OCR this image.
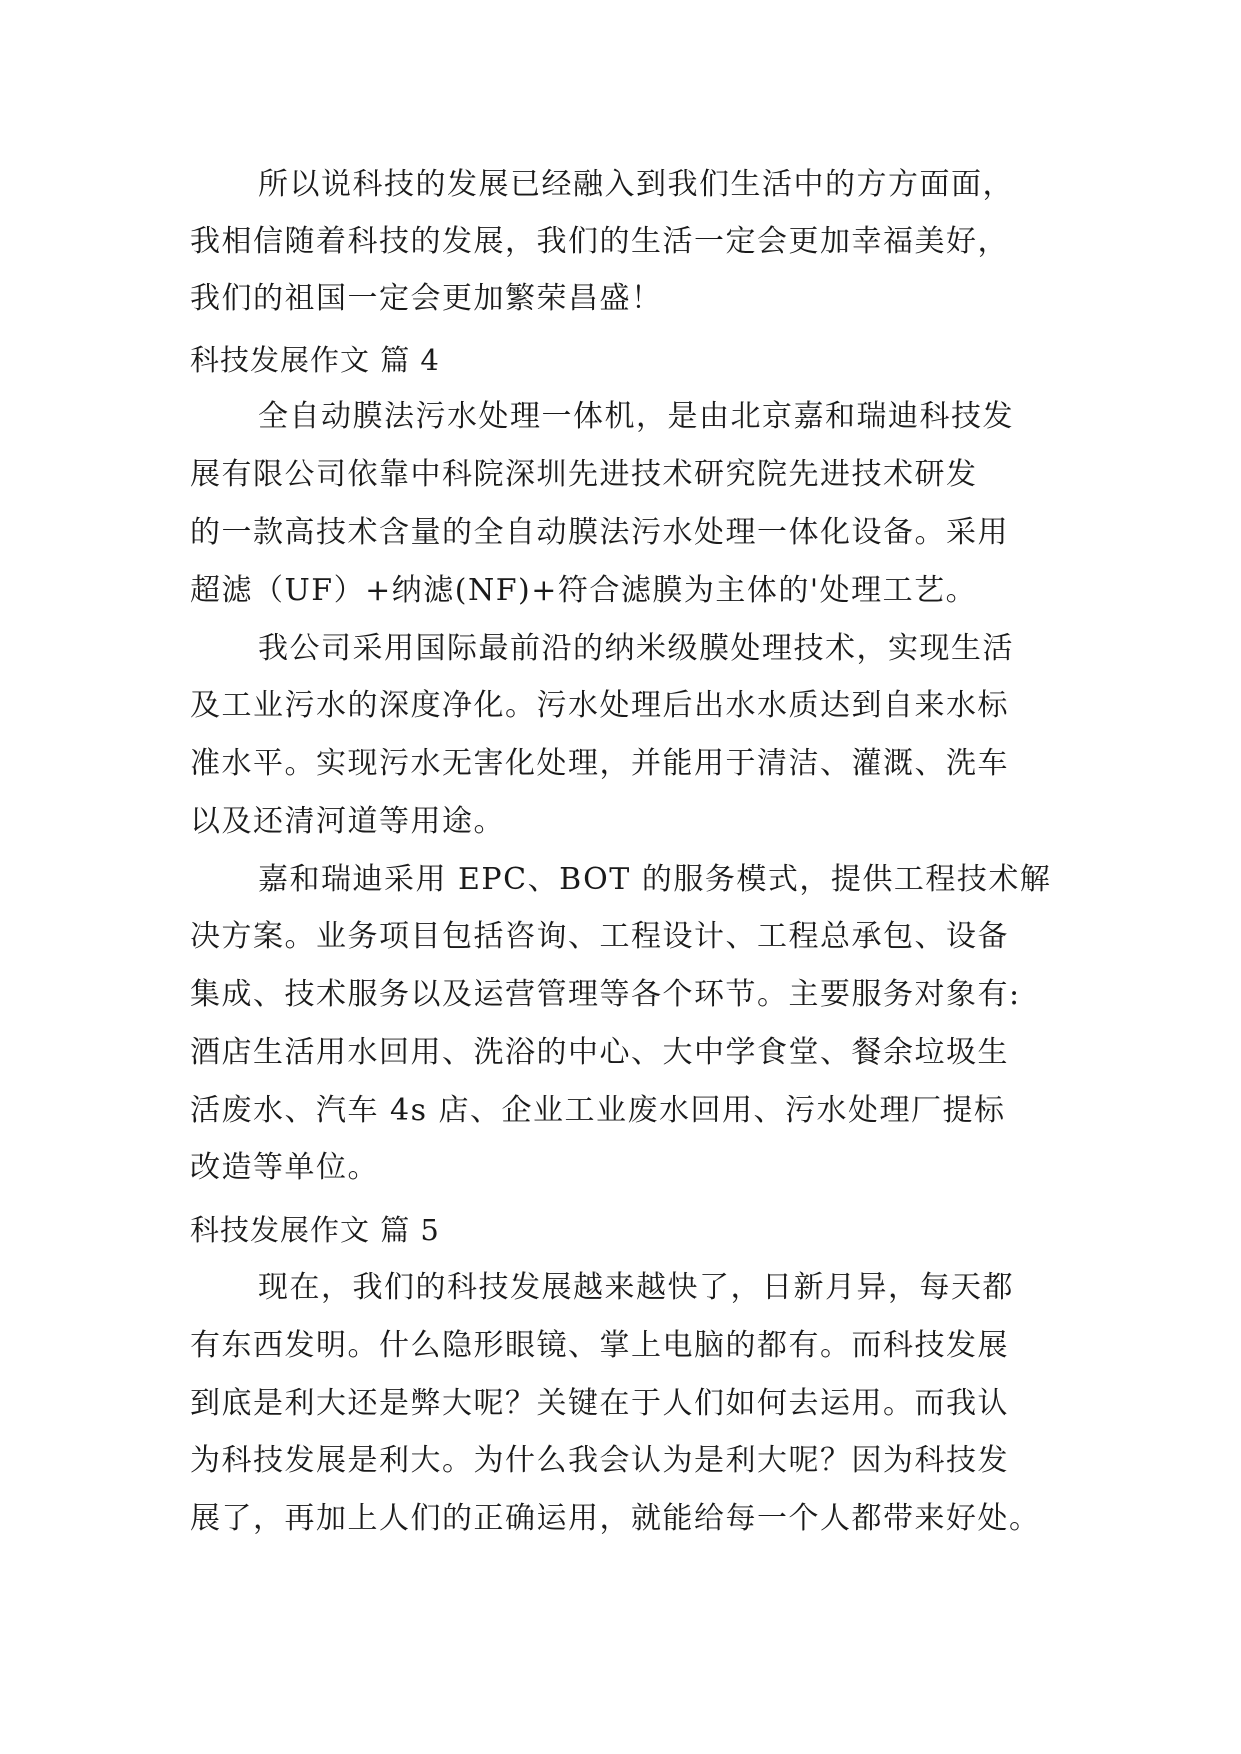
所以说科技的发展已经融入到我们生活中的方方面面，
我相信随着科技的发展，我们的生活一定会更加幸福美好，
我们的祖国一定会更加繁荣昌盛！
科技发展作文 篇 4
全自动膜法污水处理一体机，是由北京嘉和瑞迪科技发
展有限公司依靠中科院深圳先进技术研究院先进技术研发
的一款高技术含量的全自动膜法污水处理一体化设备。采用
超滤（UF）+纳滤(NF)+符合滤膜为主体的'处理工艺。
我公司采用国际最前沿的纳米级膜处理技术，实现生活
及工业污水的深度净化。污水处理后出水水质达到自来水标
准水平。实现污水无害化处理，并能用于清洁、灌溉、洗车
以及还清河道等用途。
嘉和瑞迪采用 EPC、BOT 的服务模式，提供工程技术解
决方案。业务项目包括咨询、工程设计、工程总承包、设备
集成、技术服务以及运营管理等各个环节。主要服务对象有:
酒店生活用水回用、洗浴的中心、大中学食堂、餐余垃圾生
活废水、汽车 4s 店、企业工业废水回用、污水处理厂提标
改造等单位。
科技发展作文 篇 5
现在，我们的科技发展越来越快了，日新月异，每天都
有东西发明。什么隐形眼镜、掌上电脑的都有。而科技发展
到底是利大还是弊大呢？关键在于人们如何去运用。而我认
为科技发展是利大。为什么我会认为是利大呢？因为科技发
展了，再加上人们的正确运用，就能给每一个人都带来好处。
